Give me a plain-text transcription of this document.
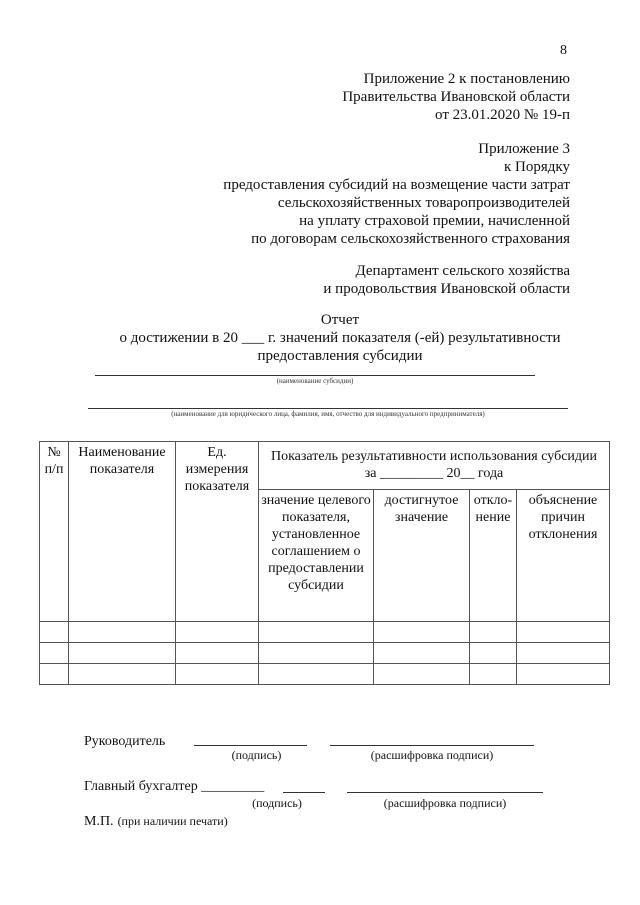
8
Приложение 2 к постановлению
Правительства Ивановской области
от 23.01.2020 № 19-п
Приложение 3
к Порядку
предоставления субсидий на возмещение части затрат
сельскохозяйственных товаропроизводителей
на уплату страховой премии, начисленной
по договорам сельскохозяйственного страхования
Департамент сельского хозяйства
и продовольствия Ивановской области
Отчет
о достижении в 20 ___ г. значений показателя (-ей) результативности
предоставления субсидии
(наименование субсидии)
(наименование для юридического лица, фамилия, имя, отчество для индивидуального предпринимателя)
№ п/п	Наименование показателя	Ед. измерения показателя	Показатель результативности использования субсидии за _________ 20__ года			
			значение целевого показателя, установленное соглашением о предоставлении субсидии	достигнутое значение	откло- нение	объяснение причин отклонения

Руководитель
(подпись)	(расшифровка подписи)
Главный бухгалтер _________
(подпись)	(расшифровка подписи)
М.П. (при наличии печати)
